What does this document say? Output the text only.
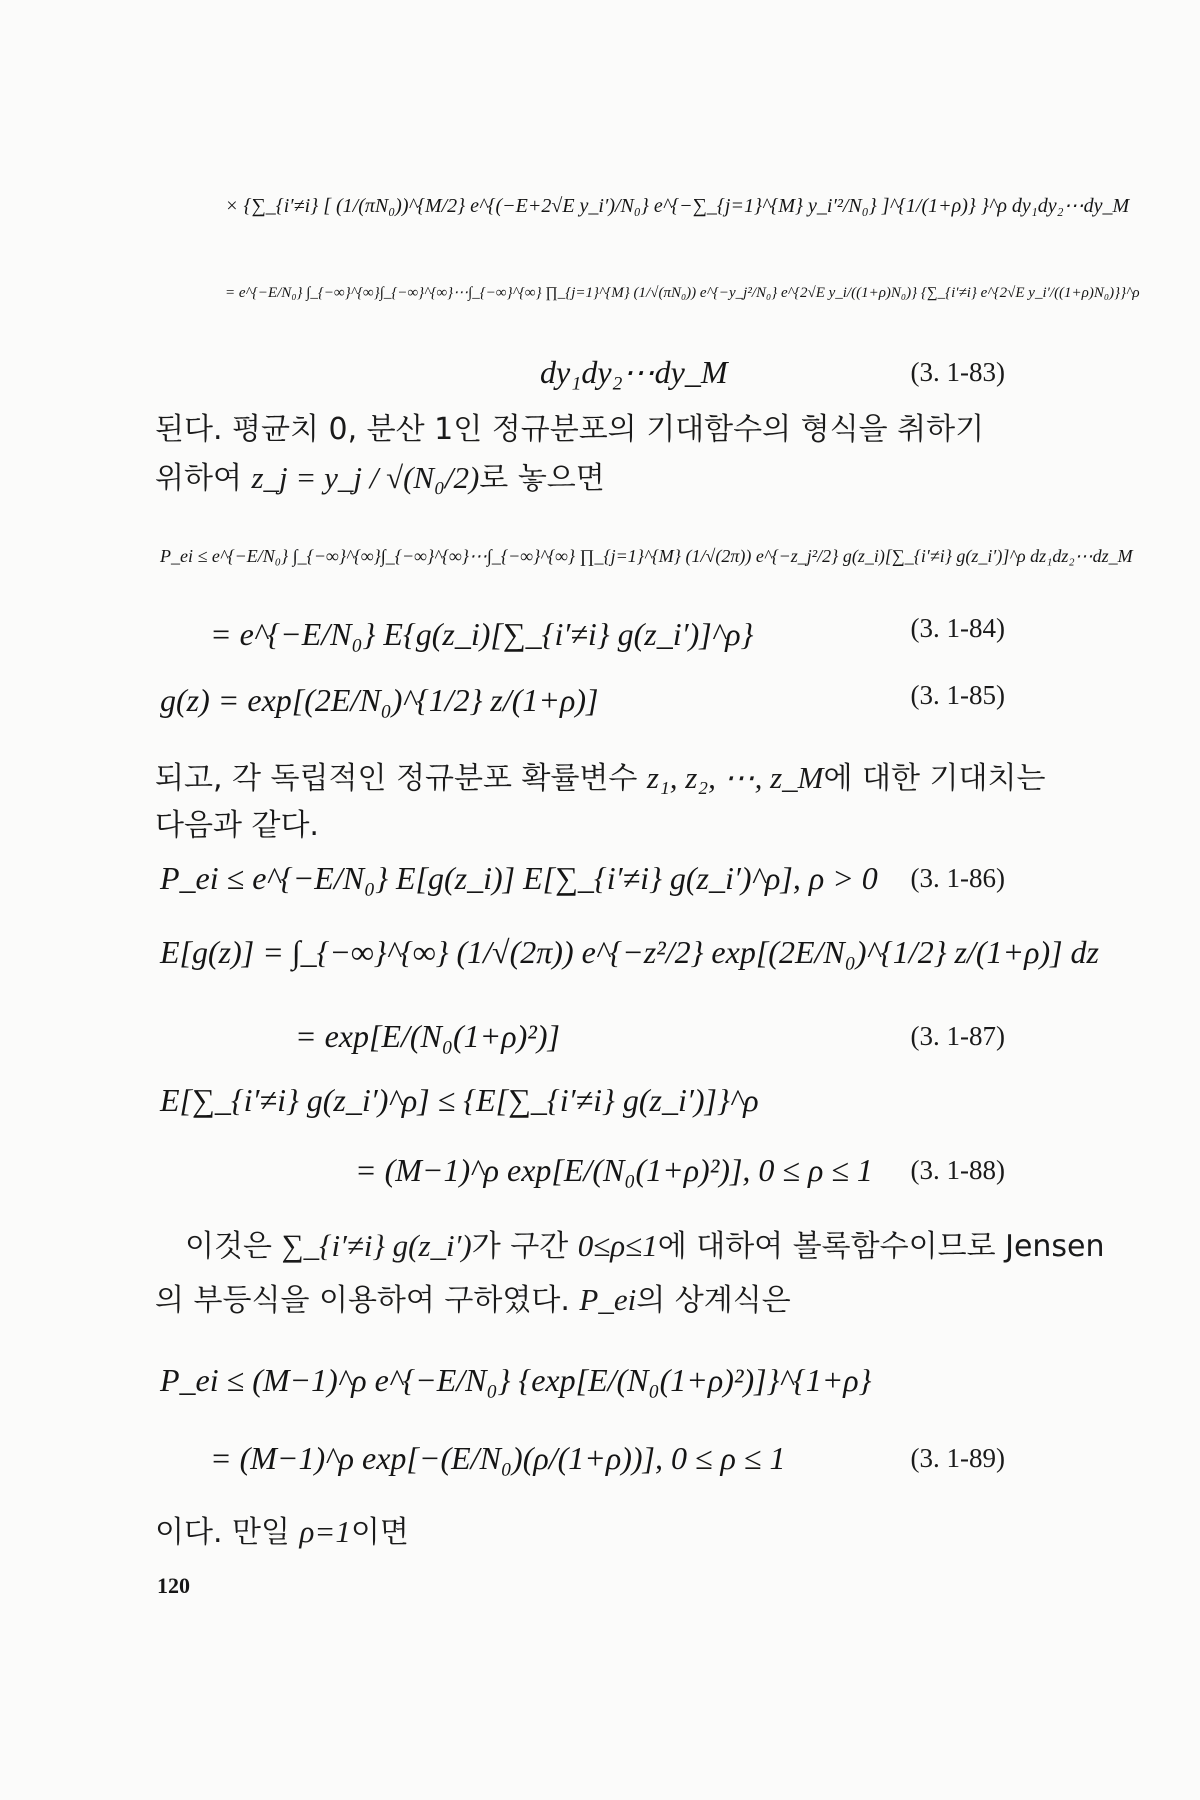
× {∑_{i′≠i} [ (1/(πN₀))^{M/2} e^{(−E+2√E y_i′)/N₀} e^{−∑_{j=1}^{M} y_i′²/N₀} ]^{1/(1+ρ)} }^ρ dy₁dy₂⋯dy_M
= e^{−E/N₀} ∫_{−∞}^{∞}∫_{−∞}^{∞}⋯∫_{−∞}^{∞} ∏_{j=1}^{M} (1/√(πN₀)) e^{−y_j²/N₀} e^{2√E y_i/((1+ρ)N₀)} {∑_{i′≠i} e^{2√E y_i′/((1+ρ)N₀)}}^ρ
dy₁dy₂⋯dy_M	(3. 1-83)
된다. 평균치 0, 분산 1인 정규분포의 기대함수의 형식을 취하기
위하여 z_j = y_j / √(N₀/2)로 놓으면
P_ei ≤ e^{−E/N₀} ∫_{−∞}^{∞}∫_{−∞}^{∞}⋯∫_{−∞}^{∞} ∏_{j=1}^{M} (1/√(2π)) e^{−z_j²/2} g(z_i)[∑_{i′≠i} g(z_i′)]^ρ dz₁dz₂⋯dz_M
= e^{−E/N₀} E{g(z_i)[∑_{i′≠i} g(z_i′)]^ρ}	(3. 1-84)
g(z) = exp[(2E/N₀)^{1/2} z/(1+ρ)]	(3. 1-85)
되고, 각 독립적인 정규분포 확률변수 z₁, z₂, ⋯, z_M에 대한 기대치는
다음과 같다.
P_ei ≤ e^{−E/N₀} E[g(z_i)] E[∑_{i′≠i} g(z_i′)^ρ], ρ > 0 (3. 1-86)
E[g(z)] = ∫_{−∞}^{∞} (1/√(2π)) e^{−z²/2} exp[(2E/N₀)^{1/2} z/(1+ρ)] dz
= exp[E/(N₀(1+ρ)²)]	(3. 1-87)
E[∑_{i′≠i} g(z_i′)^ρ] ≤ {E[∑_{i′≠i} g(z_i′)]}^ρ
= (M−1)^ρ exp[E/(N₀(1+ρ)²)], 0 ≤ ρ ≤ 1 (3. 1-88)
이것은 ∑_{i′≠i} g(z_i′)가 구간 0≤ρ≤1에 대하여 볼록함수이므로 Jensen
의 부등식을 이용하여 구하였다. P_ei의 상계식은
P_ei ≤ (M−1)^ρ e^{−E/N₀} {exp[E/(N₀(1+ρ)²)]}^{1+ρ}
= (M−1)^ρ exp[−(E/N₀)(ρ/(1+ρ))], 0 ≤ ρ ≤ 1	(3. 1-89)
이다. 만일 ρ=1이면
120
